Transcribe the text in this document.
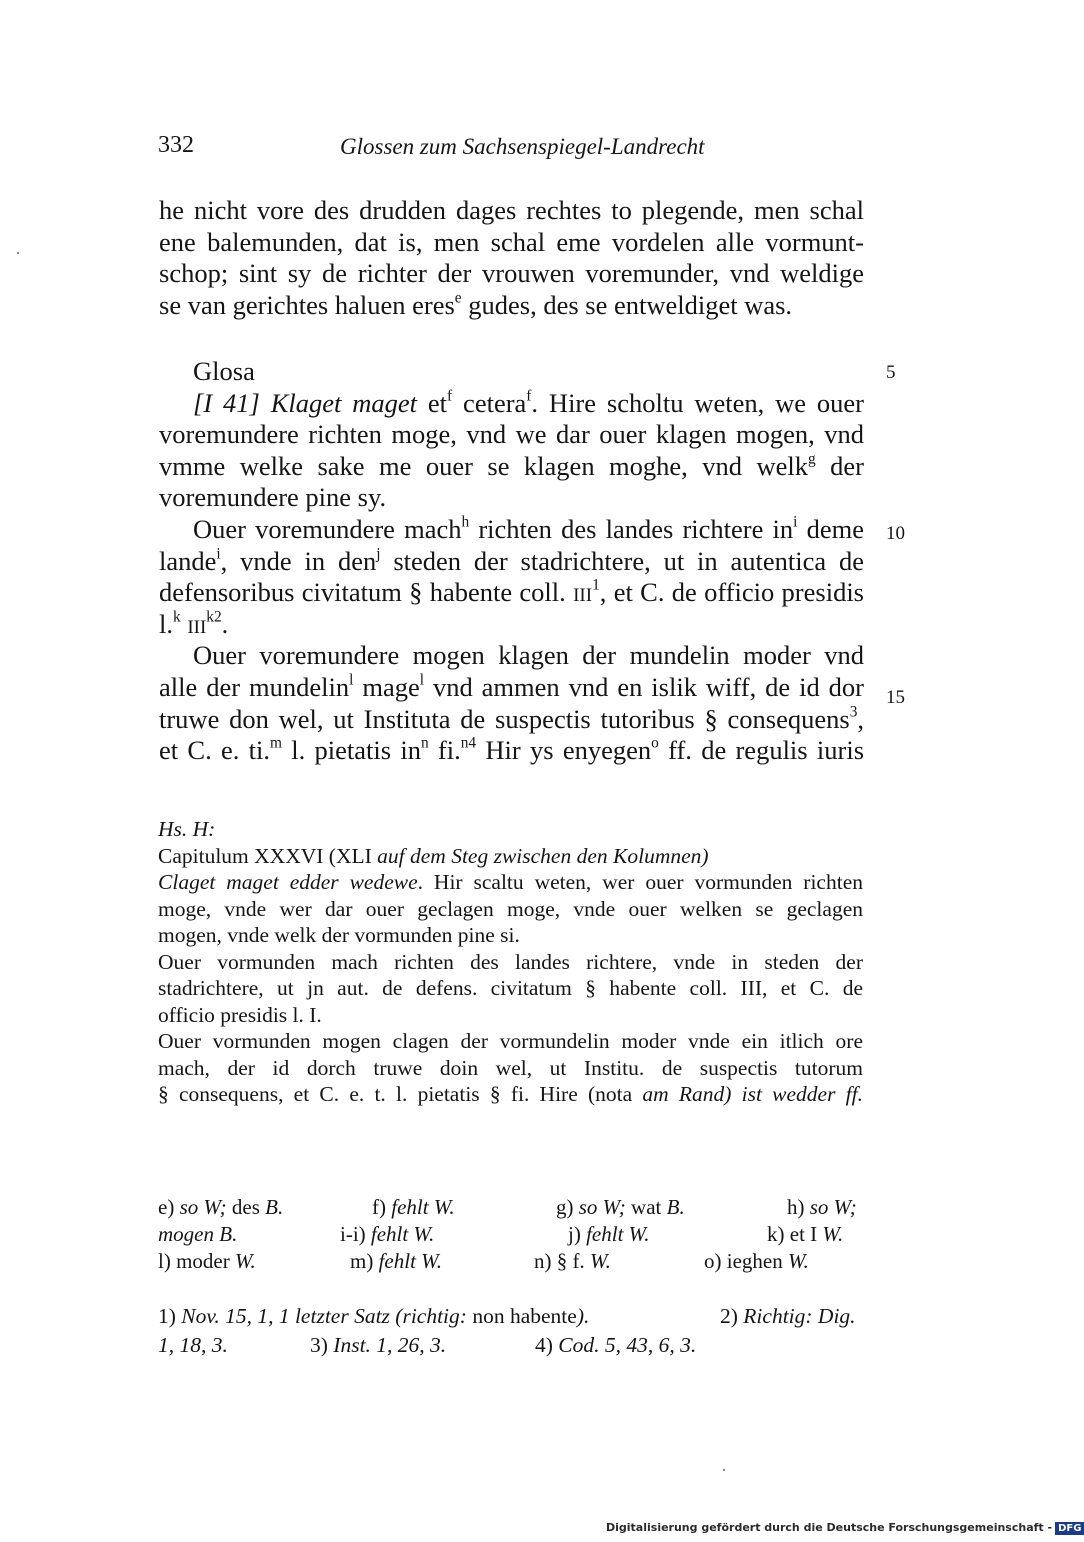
332	Glossen zum Sachsenspiegel-Landrecht
he nicht vore des drudden dages rechtes to plegende, men schal
ene balemunden, dat is, men schal eme vordelen alle vormunt-
schop; sint sy de richter der vrouwen voremunder, vnd weldige
se van gerichtes haluen eres$^e$ gudes, des se entweldiget was.
Glosa
[I 41] Klaget maget $et^f$ cetera$^f$. Hire scholtu weten, we ouer
voremundere richten moge, vnd we dar ouer klagen mogen, vnd
vmme welke sake me ouer se klagen moghe, vnd welk$^g$ der
voremundere pine sy.
Ouer voremundere mach$^h$ richten des landes richtere $in^i$ deme
lande$^i$, vnde in den$^j$ steden der stadrichtere, ut in autentica de
defensoribus civitatum § habente coll. iii$^1$, et C. de officio presidis
l.$^k$ iii$^{k2}$.
Ouer voremundere mogen klagen der mundelin moder vnd
alle der mundelin$^l$ mage$^l$ vnd ammen vnd en islik wiff, de id dor
truwe don wel, ut Instituta de suspectis tutoribus § consequens$^3$,
et C. e. ti.$^m$ l. pietatis $in^n$ fi.$^{n4}$ Hir ys enyegen$^o$ ff. de regulis iuris
5
10
15
Hs. H:
Capitulum XXXVI (XLI auf dem Steg zwischen den Kolumnen)
Claget maget edder wedewe. Hir scaltu weten, wer ouer vormunden richten
moge, vnde wer dar ouer geclagen moge, vnde ouer welken se geclagen
mogen, vnde welk der vormunden pine si.
Ouer vormunden mach richten des landes richtere, vnde in steden der
stadrichtere, ut jn aut. de defens. civitatum § habente coll. III, et C. de
officio presidis l. I.
Ouer vormunden mogen clagen der vormundelin moder vnde ein itlich ore
mach, der id dorch truwe doin wel, ut Institu. de suspectis tutorum
§ consequens, et C. e. t. l. pietatis § fi. Hire (nota am Rand) ist wedder ff.
e) so W; des B.	f) fehlt W.	g) so W; wat B.	h) so W;
mogen B.	i-i) fehlt W.	j) fehlt W.	k) et I W.
l) moder W.	m) fehlt W.	n) § f. W.	o) ieghen W.
1) Nov. 15, 1, 1 letzter Satz (richtig: non habente).	2) Richtig: Dig.
1, 18, 3.	3) Inst. 1, 26, 3.	4) Cod. 5, 43, 6, 3.
Digitalisierung gefördert durch die Deutsche Forschungsgemeinschaft - DFG
